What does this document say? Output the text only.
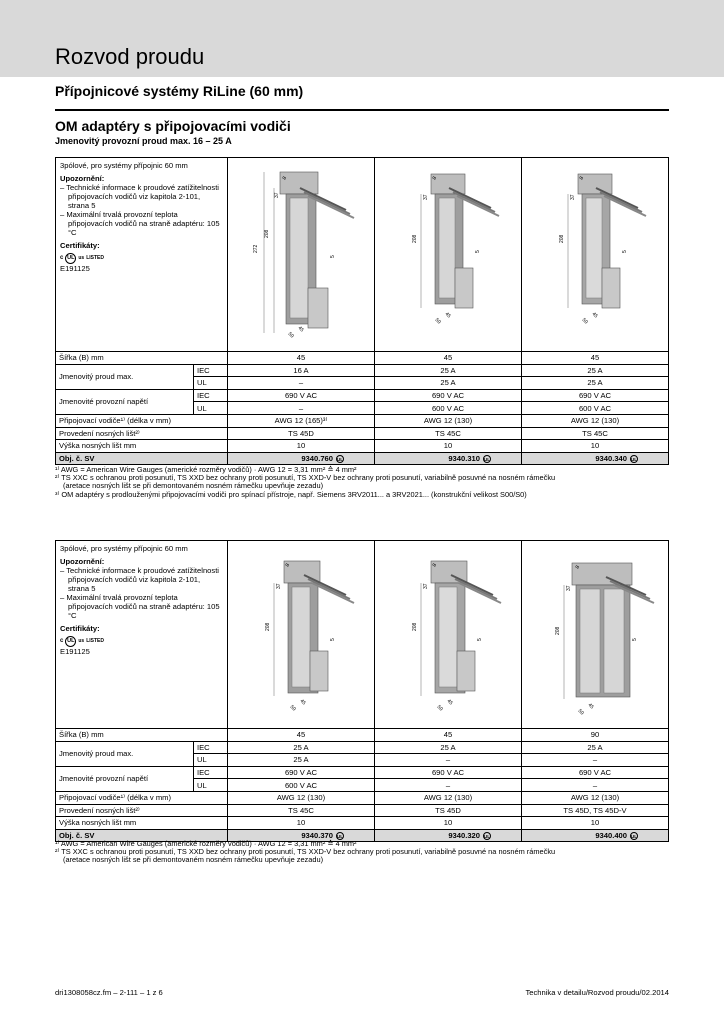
Rozvod proudu
Přípojnicové systémy RiLine (60 mm)
OM adaptéry s připojovacími vodiči
Jmenovitý provozní proud max. 16 – 25 A
3pólové, pro systémy přípojnic 60 mm
Upozornění:
– Technické informace k proudové zatížitelnosti připojovacích vodičů viz kapitola 2-101, strana 5
– Maximální trvalá provozní teplota připojovacích vodičů na straně adaptéru: 105 °C
Certifikáty:
c UL us LISTED
E191125
272
208
8
37
5
45
50
208
8
37
5
45
50
208
8
37
5
45
50
Šířka (B) mm		45	45	45
Jmenovitý proud max.	IEC	16 A	25 A	25 A
	UL	–	25 A	25 A
Jmenovité provozní napětí	IEC	690 V AC	690 V AC	690 V AC
	UL	–	600 V AC	600 V AC
Připojovací vodiče¹⁾ (délka v mm)		AWG 12 (165)³⁾	AWG 12 (130)	AWG 12 (130)
Provedení nosných lišt²⁾		TS 45D	TS 45C	TS 45C
Výška nosných lišt mm		10	10	10
Obj. č. SV		9340.760 UL	9340.310 UL	9340.340 UL
¹⁾ AWG = American Wire Gauges (americké rozměry vodičů) · AWG 12 = 3,31 mm² ≙ 4 mm²
²⁾ TS XXC s ochranou proti posunutí, TS XXD bez ochrany proti posunutí, TS XXD-V bez ochrany proti posunutí, variabilně posuvné na nosném rámečku
(aretace nosných lišt se při demontovaném nosném rámečku upevňuje zezadu)
³⁾ OM adaptéry s prodlouženými připojovacími vodiči pro spínací přístroje, např. Siemens 3RV2011... a 3RV2021... (konstrukční velikost S00/S0)
3pólové, pro systémy přípojnic 60 mm
Upozornění:
– Technické informace k proudové zatížitelnosti připojovacích vodičů viz kapitola 2-101, strana 5
– Maximální trvalá provozní teplota připojovacích vodičů na straně adaptéru: 105 °C
Certifikáty:
c UL us LISTED
E191125
208
8
37
5
45
50
208
8
37
5
45
50
208
8
37
5
45
50
Šířka (B) mm		45	45	90
Jmenovitý proud max.	IEC	25 A	25 A	25 A
	UL	25 A	–	–
Jmenovité provozní napětí	IEC	690 V AC	690 V AC	690 V AC
	UL	600 V AC	–	–
Připojovací vodiče¹⁾ (délka v mm)		AWG 12 (130)	AWG 12 (130)	AWG 12 (130)
Provedení nosných lišt²⁾		TS 45C	TS 45D	TS 45D, TS 45D-V
Výška nosných lišt mm		10	10	10
Obj. č. SV		9340.370 UL	9340.320 UL	9340.400 UL
¹⁾ AWG = American Wire Gauges (americké rozměry vodičů) · AWG 12 = 3,31 mm² ≙ 4 mm²
²⁾ TS XXC s ochranou proti posunutí, TS XXD bez ochrany proti posunutí, TS XXD-V bez ochrany proti posunutí, variabilně posuvné na nosném rámečku
(aretace nosných lišt se při demontovaném nosném rámečku upevňuje zezadu)
dri1308058cz.fm – 2-111 – 1 z 6	Technika v detailu/Rozvod proudu/02.2014
